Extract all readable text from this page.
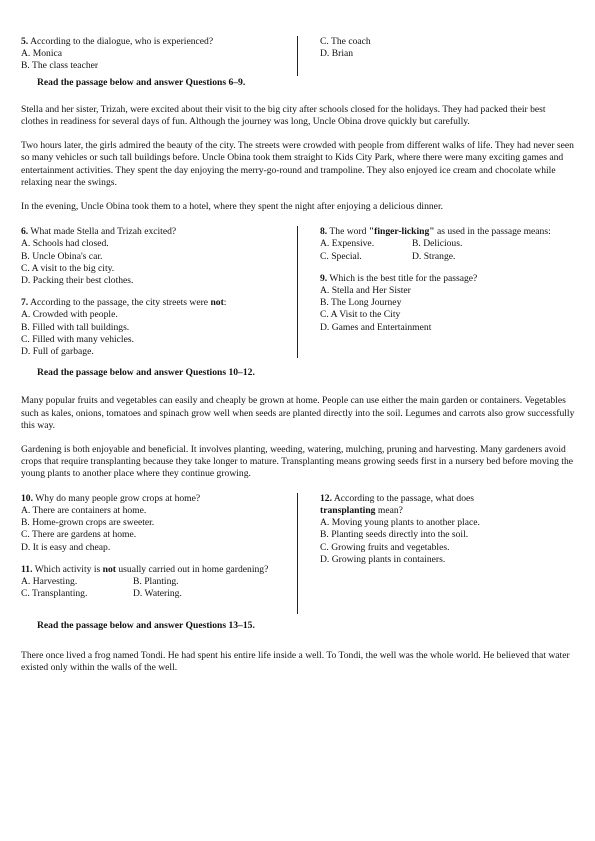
5. According to the dialogue, who is experienced?

A. Monica

B. The class teacher

C. The coach

D. Brian

Read the passage below and answer Questions 6–9.

Stella and her sister, Trizah, were excited about their visit to the big city after schools closed for the holidays. They had packed their best clothes in readiness for several days of fun. Although the journey was long, Uncle Obina drove quickly but carefully.

Two hours later, the girls admired the beauty of the city. The streets were crowded with people from different walks of life. They had never seen so many vehicles or such tall buildings before. Uncle Obina took them straight to Kids City Park, where there were many exciting games and entertainment activities. They spent the day enjoying the merry-go-round and trampoline. They also enjoyed ice cream and chocolate while relaxing near the swings.

In the evening, Uncle Obina took them to a hotel, where they spent the night after enjoying a delicious dinner.

6. What made Stella and Trizah excited?

A. Schools had closed.

B. Uncle Obina's car.

C. A visit to the big city.

D. Packing their best clothes.

7. According to the passage, the city streets were not:

A. Crowded with people.

B. Filled with tall buildings.

C. Filled with many vehicles.

D. Full of garbage.

8. The word "finger-licking" as used in the passage means:

A. Expensive.	B. Delicious.
C. Special.	D. Strange.

9. Which is the best title for the passage?

A. Stella and Her Sister

B. The Long Journey

C. A Visit to the City

D. Games and Entertainment

Read the passage below and answer Questions 10–12.

Many popular fruits and vegetables can easily and cheaply be grown at home. People can use either the main garden or containers. Vegetables such as kales, onions, tomatoes and spinach grow well when seeds are planted directly into the soil. Legumes and carrots also grow successfully this way.

Gardening is both enjoyable and beneficial. It involves planting, weeding, watering, mulching, pruning and harvesting. Many gardeners avoid crops that require transplanting because they take longer to mature. Transplanting means growing seeds first in a nursery bed before moving the young plants to another place where they continue growing.

10. Why do many people grow crops at home?

A. There are containers at home.

B. Home-grown crops are sweeter.

C. There are gardens at home.

D. It is easy and cheap.

11. Which activity is not usually carried out in home gardening?

A. Harvesting.	B. Planting.
C. Transplanting.	D. Watering.

12. According to the passage, what does

transplanting mean?

A. Moving young plants to another place.

B. Planting seeds directly into the soil.

C. Growing fruits and vegetables.

D. Growing plants in containers.

Read the passage below and answer Questions 13–15.

There once lived a frog named Tondi. He had spent his entire life inside a well. To Tondi, the well was the whole world. He believed that water existed only within the walls of the well.
